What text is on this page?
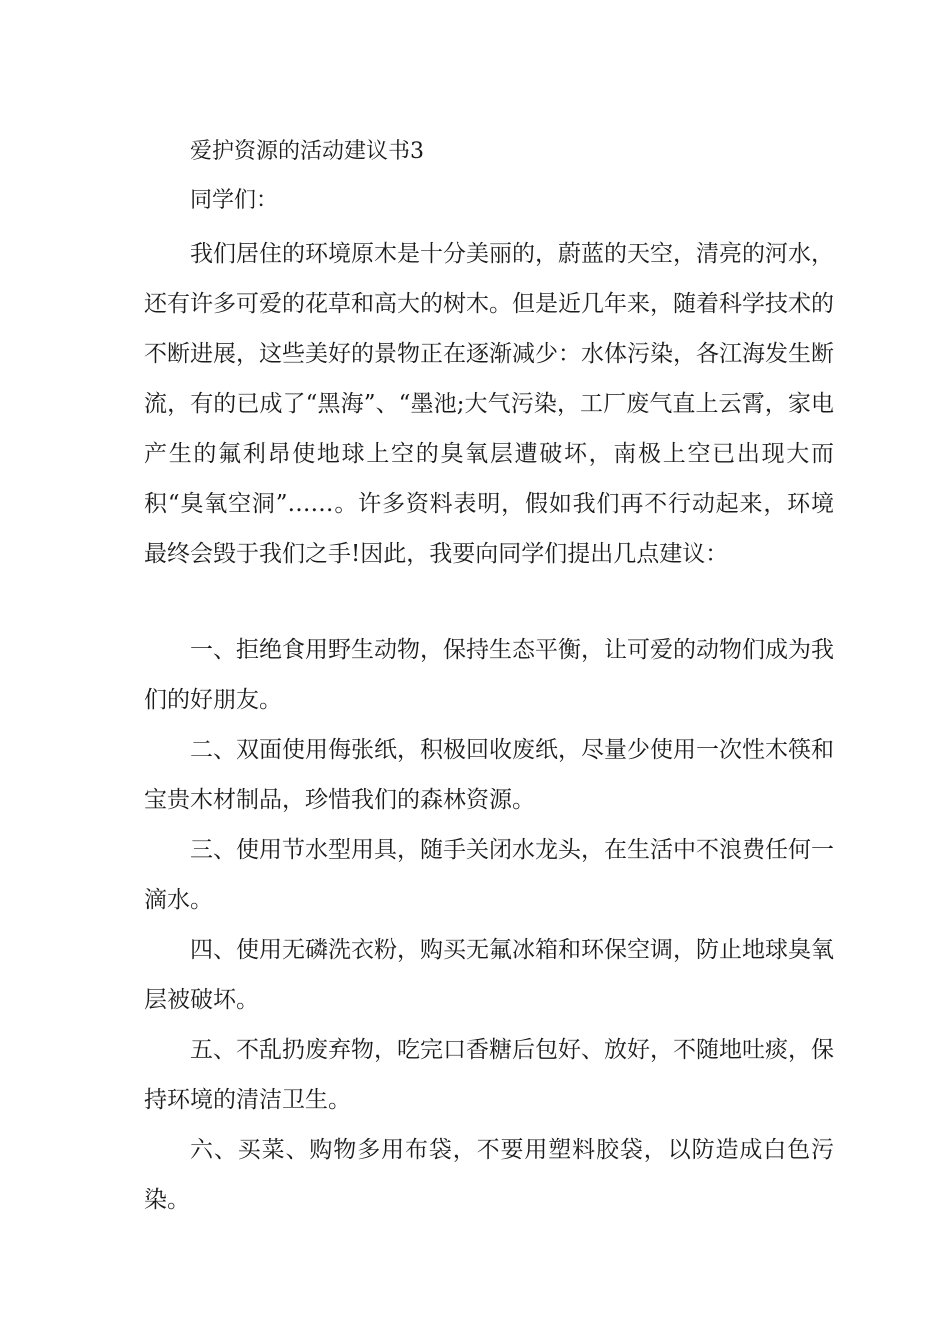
爱护资源的活动建议书3
同学们：

我们居住的环境原木是十分美丽的，蔚蓝的天空，清亮的河水，还有许多可爱的花草和高大的树木。但是近几年来，随着科学技术的不断进展，这些美好的景物正在逐渐减少：水体污染，各江海发生断流，有的已成了“黑海”、“墨池;大气污染，工厂废气直上云霄，家电产生的氟利昂使地球上空的臭氧层遭破坏，南极上空已出现大而积“臭氧空洞”……。许多资料表明，假如我们再不行动起来，环境最终会毁于我们之手!因此，我要向同学们提出几点建议：

一、拒绝食用野生动物，保持生态平衡，让可爱的动物们成为我们的好朋友。

二、双面使用侮张纸，积极回收废纸，尽量少使用一次性木筷和宝贵木材制品，珍惜我们的森林资源。

三、使用节水型用具，随手关闭水龙头，在生活中不浪费任何一滴水。

四、使用无磷洗衣粉，购买无氟冰箱和环保空调，防止地球臭氧层被破坏。

五、不乱扔废弃物，吃完口香糖后包好、放好，不随地吐痰，保持环境的清洁卫生。

六、买菜、购物多用布袋，不要用塑料胶袋，以防造成白色污染。
